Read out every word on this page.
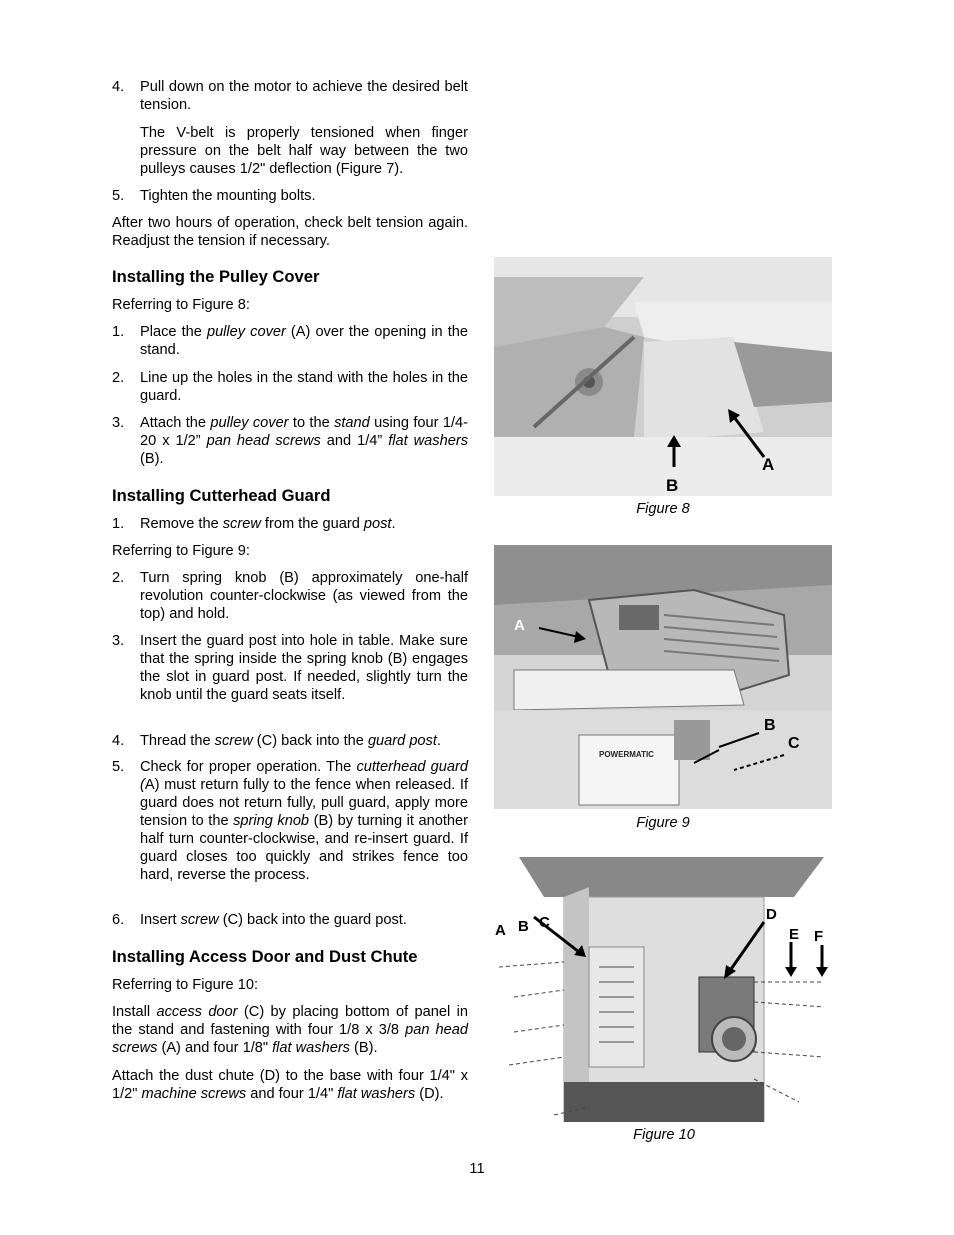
4. Pull down on the motor to achieve the desired belt tension.

The V-belt is properly tensioned when finger pressure on the belt half way between the two pulleys causes 1/2" deflection (Figure 7).

5. Tighten the mounting bolts.

After two hours of operation, check belt tension again. Readjust the tension if necessary.

Installing the Pulley Cover

Referring to Figure 8:

1. Place the pulley cover (A) over the opening in the stand.

2. Line up the holes in the stand with the holes in the guard.

3. Attach the pulley cover to the stand using four 1/4-20 x 1/2” pan head screws and 1/4” flat washers (B).

Installing Cutterhead Guard
1. Remove the screw from the guard post.

Referring to Figure 9:

2. Turn spring knob (B) approximately one-half revolution counter-clockwise (as viewed from the top) and hold.

3. Insert the guard post into hole in table. Make sure that the spring inside the spring knob (B) engages the slot in guard post. If needed, slightly turn the knob until the guard seats itself.

4. Thread the screw (C) back into the guard post.

5. Check for proper operation. The cutterhead guard (A) must return fully to the fence when released. If guard does not return fully, pull guard, apply more tension to the spring knob (B) by turning it another half turn counter-clockwise, and re-insert guard. If guard closes too quickly and strikes fence too hard, reverse the process.

6. Insert screw (C) back into the guard post.

Installing Access Door and Dust Chute

Referring to Figure 10:

Install access door (C) by placing bottom of panel in the stand and fastening with four 1/8 x 3/8 pan head screws (A) and four 1/8" flat washers (B).

Attach the dust chute (D) to the base with four 1/4" x 1/2" machine screws and four 1/4" flat washers (D).

B
A
Figure 8
POWERMATIC
A
B
C
Figure 9
A B C	D
E F
Figure 10
11
